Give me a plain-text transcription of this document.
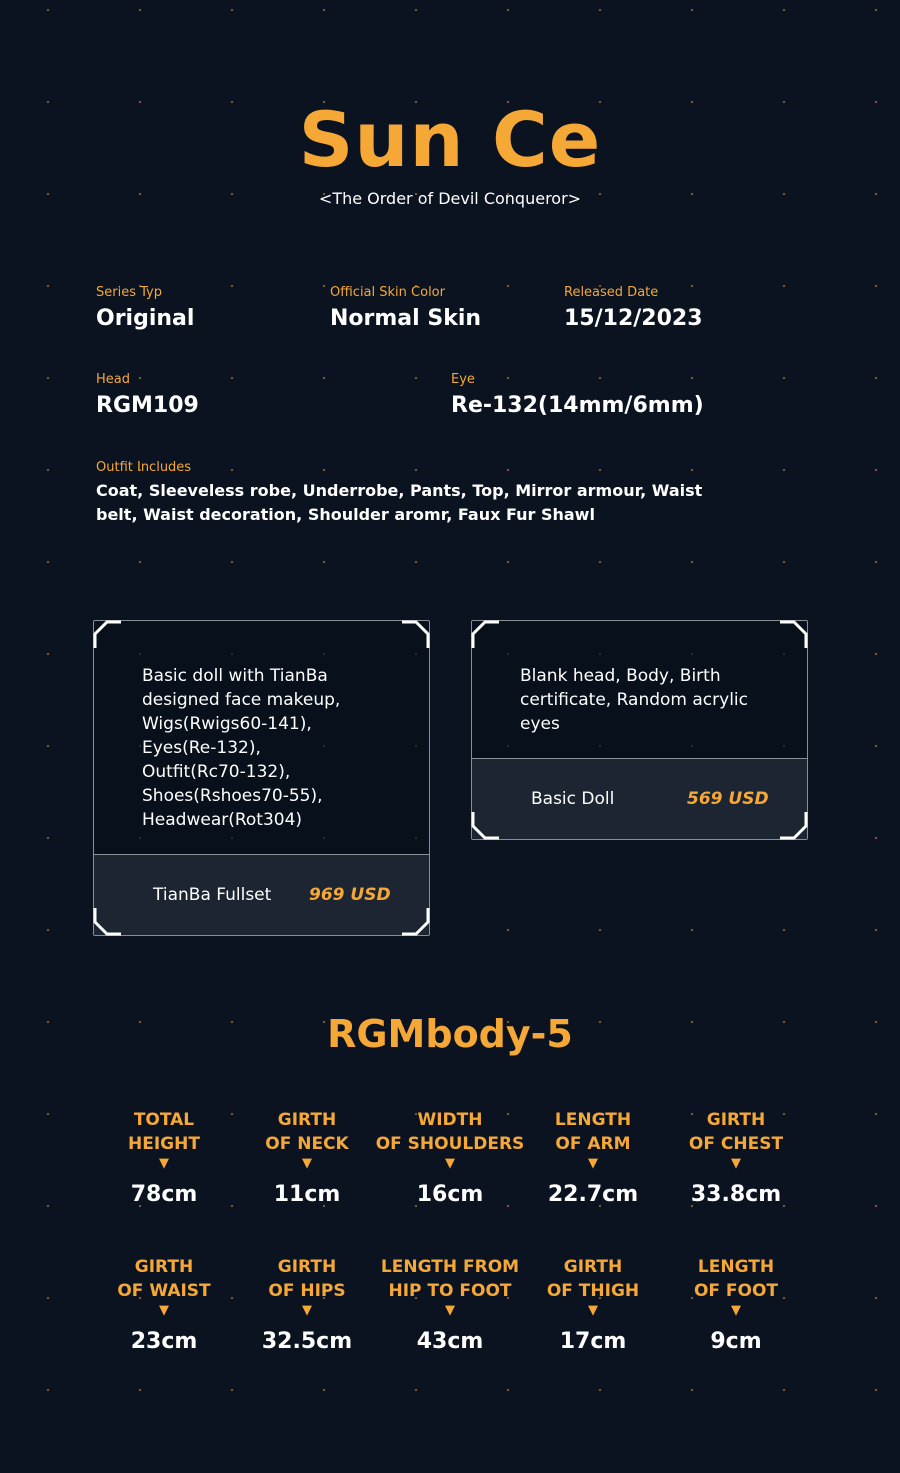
Sun Ce
<The Order of Devil Conqueror>
Series Typ
Original
Official Skin Color
Normal Skin
Released Date
15/12/2023
Head
RGM109
Eye
Re-132(14mm/6mm)
Outfit Includes
Coat, Sleeveless robe, Underrobe, Pants, Top, Mirror armour, Waist belt, Waist decoration, Shoulder aromr, Faux Fur Shawl
Basic doll with TianBa
designed face makeup,
Wigs(Rwigs60-141),
Eyes(Re-132),
Outfit(Rc70-132),
Shoes(Rshoes70-55),
Headwear(Rot304)
TianBa Fullset 969 USD
Blank head, Body, Birth
certificate, Random acrylic
eyes
Basic Doll	569 USD
RGMbody-5
TOTAL
HEIGHT
▼
78cm
GIRTH
OF NECK
▼
11cm
WIDTH
OF SHOULDERS
▼
16cm
LENGTH
OF ARM
▼
22.7cm
GIRTH
OF CHEST
▼
33.8cm
GIRTH
OF WAIST
▼
23cm
GIRTH
OF HIPS
▼
32.5cm
LENGTH FROM
HIP TO FOOT
▼
43cm
GIRTH
OF THIGH
▼
17cm
LENGTH
OF FOOT
▼
9cm
